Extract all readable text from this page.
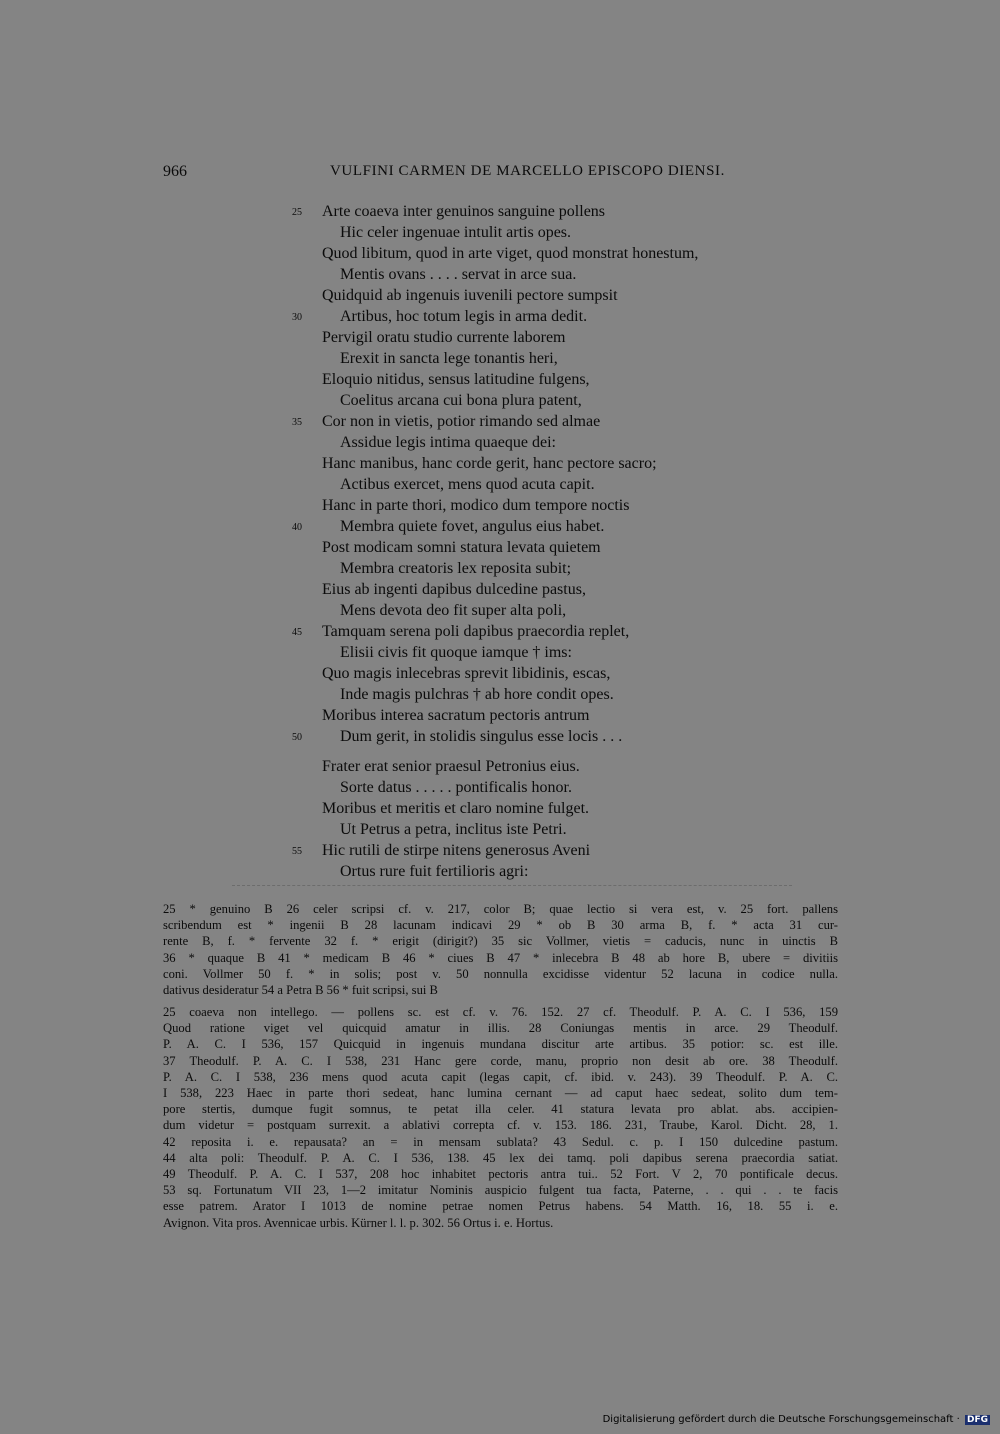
966	VULFINI CARMEN DE MARCELLO EPISCOPO DIENSI.
25	Arte coaeva inter genuinos sanguine pollens
Hic celer ingenuae intulit artis opes.
Quod libitum, quod in arte viget, quod monstrat honestum,
Mentis ovans . . . . servat in arce sua.
Quidquid ab ingenuis iuvenili pectore sumpsit
30	Artibus, hoc totum legis in arma dedit.
Pervigil oratu studio currente laborem
Erexit in sancta lege tonantis heri,
Eloquio nitidus, sensus latitudine fulgens,
Coelitus arcana cui bona plura patent,
35	Cor non in vietis, potior rimando sed almae
Assidue legis intima quaeque dei:
Hanc manibus, hanc corde gerit, hanc pectore sacro;
Actibus exercet, mens quod acuta capit.
Hanc in parte thori, modico dum tempore noctis
40	Membra quiete fovet, angulus eius habet.
Post modicam somni statura levata quietem
Membra creatoris lex reposita subit;
Eius ab ingenti dapibus dulcedine pastus,
Mens devota deo fit super alta poli,
45	Tamquam serena poli dapibus praecordia replet,
Elisii civis fit quoque iamque † ims:
Quo magis inlecebras sprevit libidinis, escas,
Inde magis pulchras † ab hore condit opes.
Moribus interea sacratum pectoris antrum
50	Dum gerit, in stolidis singulus esse locis . . .
Frater erat senior praesul Petronius eius.
Sorte datus . . . . . pontificalis honor.
Moribus et meritis et claro nomine fulget.
Ut Petrus a petra, inclitus iste Petri.
55	Hic rutili de stirpe nitens generosus Aveni
Ortus rure fuit fertilioris agri:
25 * genuino B 26 celer scripsi cf. v. 217, color B; quae lectio si vera est, v. 25 fort. pallens
scribendum est * ingenii B 28 lacunam indicavi 29 * ob B 30 arma B, f. * acta 31 cur-
rente B, f. * fervente 32 f. * erigit (dirigit?) 35 sic Vollmer, vietis = caducis, nunc in uinctis B
36 * quaque B 41 * medicam B 46 * ciues B 47 * inlecebra B 48 ab hore B, ubere = divitiis
coni. Vollmer 50 f. * in solis; post v. 50 nonnulla excidisse videntur 52 lacuna in codice nulla.
dativus desideratur 54 a Petra B 56 * fuit scripsi, sui B
25 coaeva non intellego. — pollens sc. est cf. v. 76. 152. 27 cf. Theodulf. P. A. C. I 536, 159
Quod ratione viget vel quicquid amatur in illis. 28 Coniungas mentis in arce. 29 Theodulf.
P. A. C. I 536, 157 Quicquid in ingenuis mundana discitur arte artibus. 35 potior: sc. est ille.
37 Theodulf. P. A. C. I 538, 231 Hanc gere corde, manu, proprio non desit ab ore. 38 Theodulf.
P. A. C. I 538, 236 mens quod acuta capit (legas capit, cf. ibid. v. 243). 39 Theodulf. P. A. C.
I 538, 223 Haec in parte thori sedeat, hanc lumina cernant — ad caput haec sedeat, solito dum tem-
pore stertis, dumque fugit somnus, te petat illa celer. 41 statura levata pro ablat. abs. accipien-
dum videtur = postquam surrexit. a ablativi correpta cf. v. 153. 186. 231, Traube, Karol. Dicht. 28, 1.
42 reposita i. e. repausata? an = in mensam sublata? 43 Sedul. c. p. I 150 dulcedine pastum.
44 alta poli: Theodulf. P. A. C. I 536, 138. 45 lex dei tamq. poli dapibus serena praecordia satiat.
49 Theodulf. P. A. C. I 537, 208 hoc inhabitet pectoris antra tui.. 52 Fort. V 2, 70 pontificale decus.
53 sq. Fortunatum VII 23, 1—2 imitatur Nominis auspicio fulgent tua facta, Paterne, . . qui . . te facis
esse patrem. Arator I 1013 de nomine petrae nomen Petrus habens. 54 Matth. 16, 18. 55 i. e.
Avignon. Vita pros. Avennicae urbis. Kürner l. l. p. 302. 56 Ortus i. e. Hortus.
Digitalisierung gefördert durch die Deutsche Forschungsgemeinschaft · DFG
